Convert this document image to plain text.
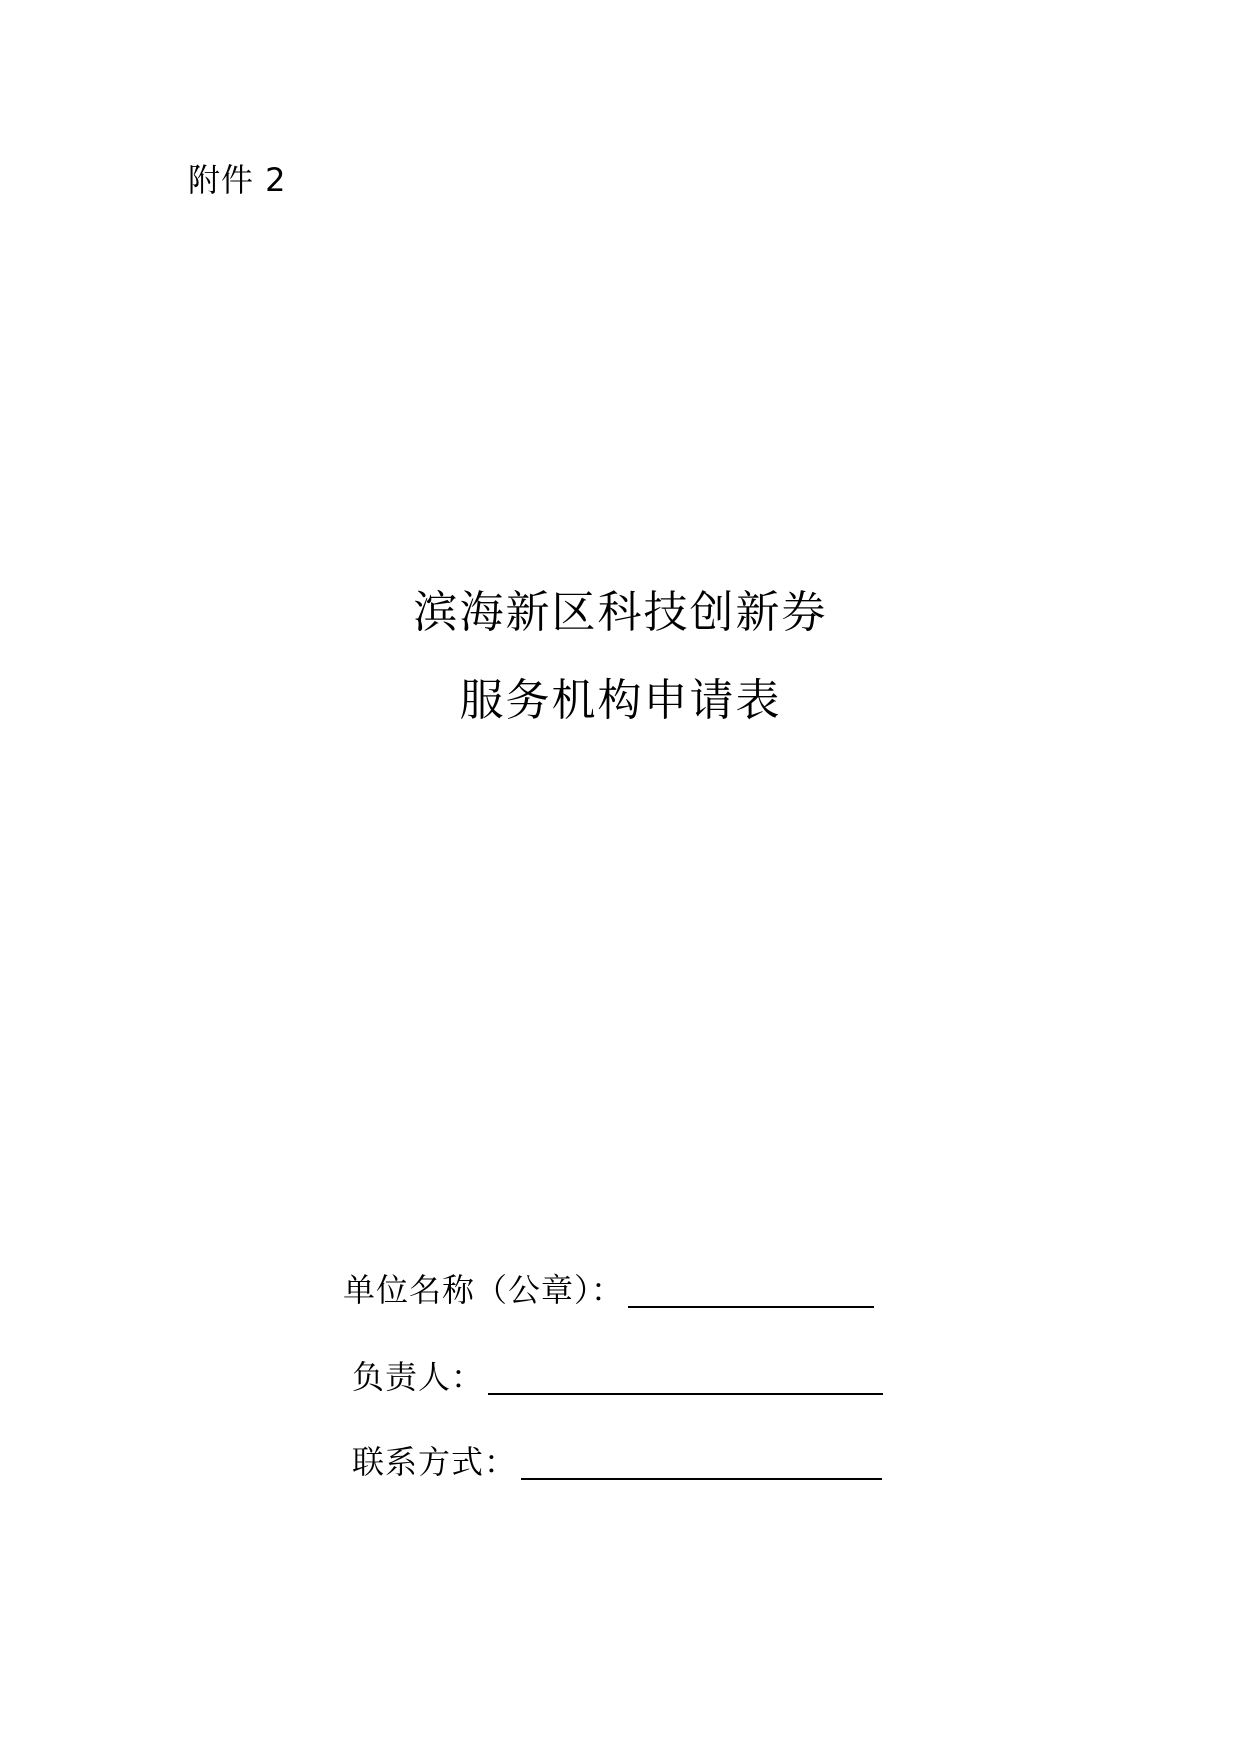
附件 2
滨海新区科技创新券
服务机构申请表
单位名称（公章）：
负责人：
联系方式：
